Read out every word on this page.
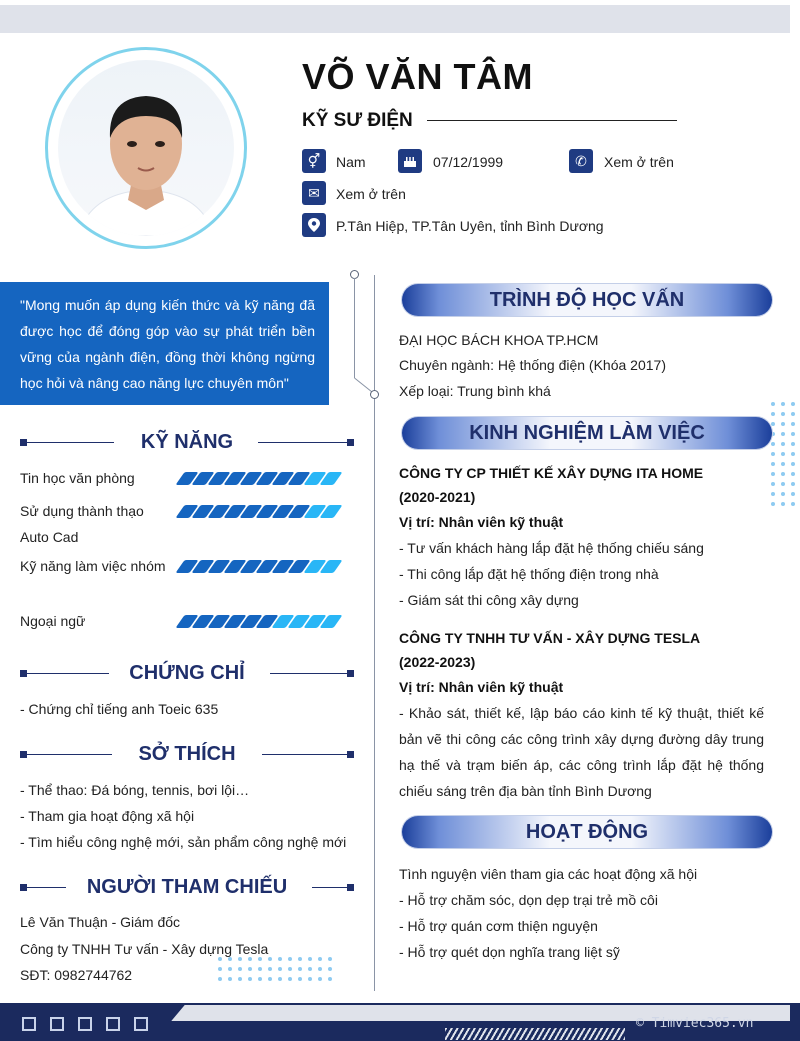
VÕ VĂN TÂM
KỸ SƯ ĐIỆN
⚥	Nam	07/12/1999	✆	Xem ở trên
✉	Xem ở trên
P.Tân Hiệp, TP.Tân Uyên, tỉnh Bình Dương
"Mong muốn áp dụng kiến thức và kỹ năng đã được học để đóng góp vào sự phát triển bền vững của ngành điện, đồng thời không ngừng học hỏi và nâng cao năng lực chuyên môn"
KỸ NĂNG
Tin học văn phòng
Sử dụng thành thạo Auto Cad
Kỹ năng làm việc nhóm
Ngoại ngữ
CHỨNG CHỈ
- Chứng chỉ tiếng anh Toeic 635
SỞ THÍCH
- Thể thao: Đá bóng, tennis, bơi lội…
- Tham gia hoạt động xã hội
- Tìm hiểu công nghệ mới, sản phẩm công nghệ mới
NGƯỜI THAM CHIẾU
Lê Văn Thuận - Giám đốc
Công ty TNHH Tư vấn - Xây dựng Tesla
SĐT: 0982744762
TRÌNH ĐỘ HỌC VẤN
ĐẠI HỌC BÁCH KHOA TP.HCM
Chuyên ngành: Hệ thống điện (Khóa 2017)
Xếp loại: Trung bình khá
KINH NGHIỆM LÀM VIỆC
CÔNG TY CP THIẾT KẾ XÂY DỰNG ITA HOME
(2020-2021)
Vị trí: Nhân viên kỹ thuật
- Tư vấn khách hàng lắp đặt hệ thống chiếu sáng
- Thi công lắp đặt hệ thống điện trong nhà
- Giám sát thi công xây dựng
CÔNG TY TNHH TƯ VẤN - XÂY DỰNG TESLA
(2022-2023)
Vị trí: Nhân viên kỹ thuật
- Khảo sát, thiết kế, lập báo cáo kinh tế kỹ thuật, thiết kế bản vẽ thi công các công trình xây dựng đường dây trung hạ thế và trạm biến áp, các công trình lắp đặt hệ thống chiếu sáng trên địa bàn tỉnh Bình Dương
HOẠT ĐỘNG
Tình nguyện viên tham gia các hoạt động xã hội
- Hỗ trợ chăm sóc, dọn dẹp trại trẻ mồ côi
- Hỗ trợ quán cơm thiện nguyện
- Hỗ trợ quét dọn nghĩa trang liệt sỹ
© Timviec365.vn
